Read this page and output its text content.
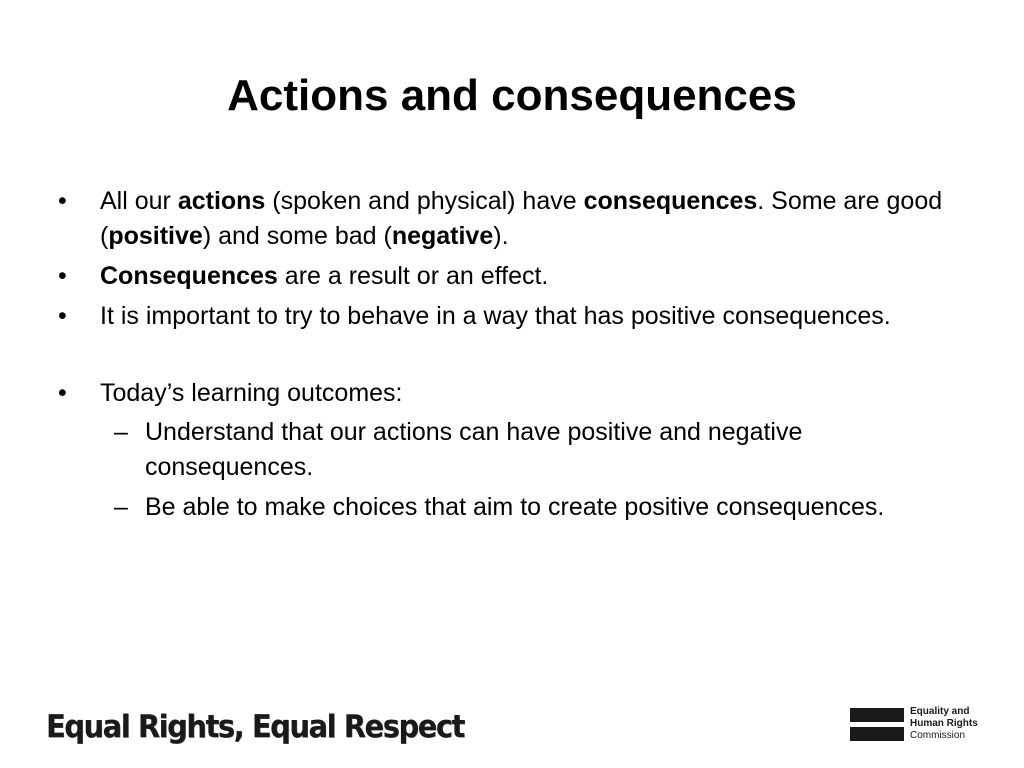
Actions and consequences
•	All our actions (spoken and physical) have consequences. Some are good (positive) and some bad (negative).
•	Consequences are a result or an effect.
•	It is important to try to behave in a way that has positive consequences.
•	Today’s learning outcomes:
– Understand that our actions can have positive and negative consequences.
– Be able to make choices that aim to create positive consequences.
Equal Rights, Equal Respect	Equality and
Human Rights
Commission
